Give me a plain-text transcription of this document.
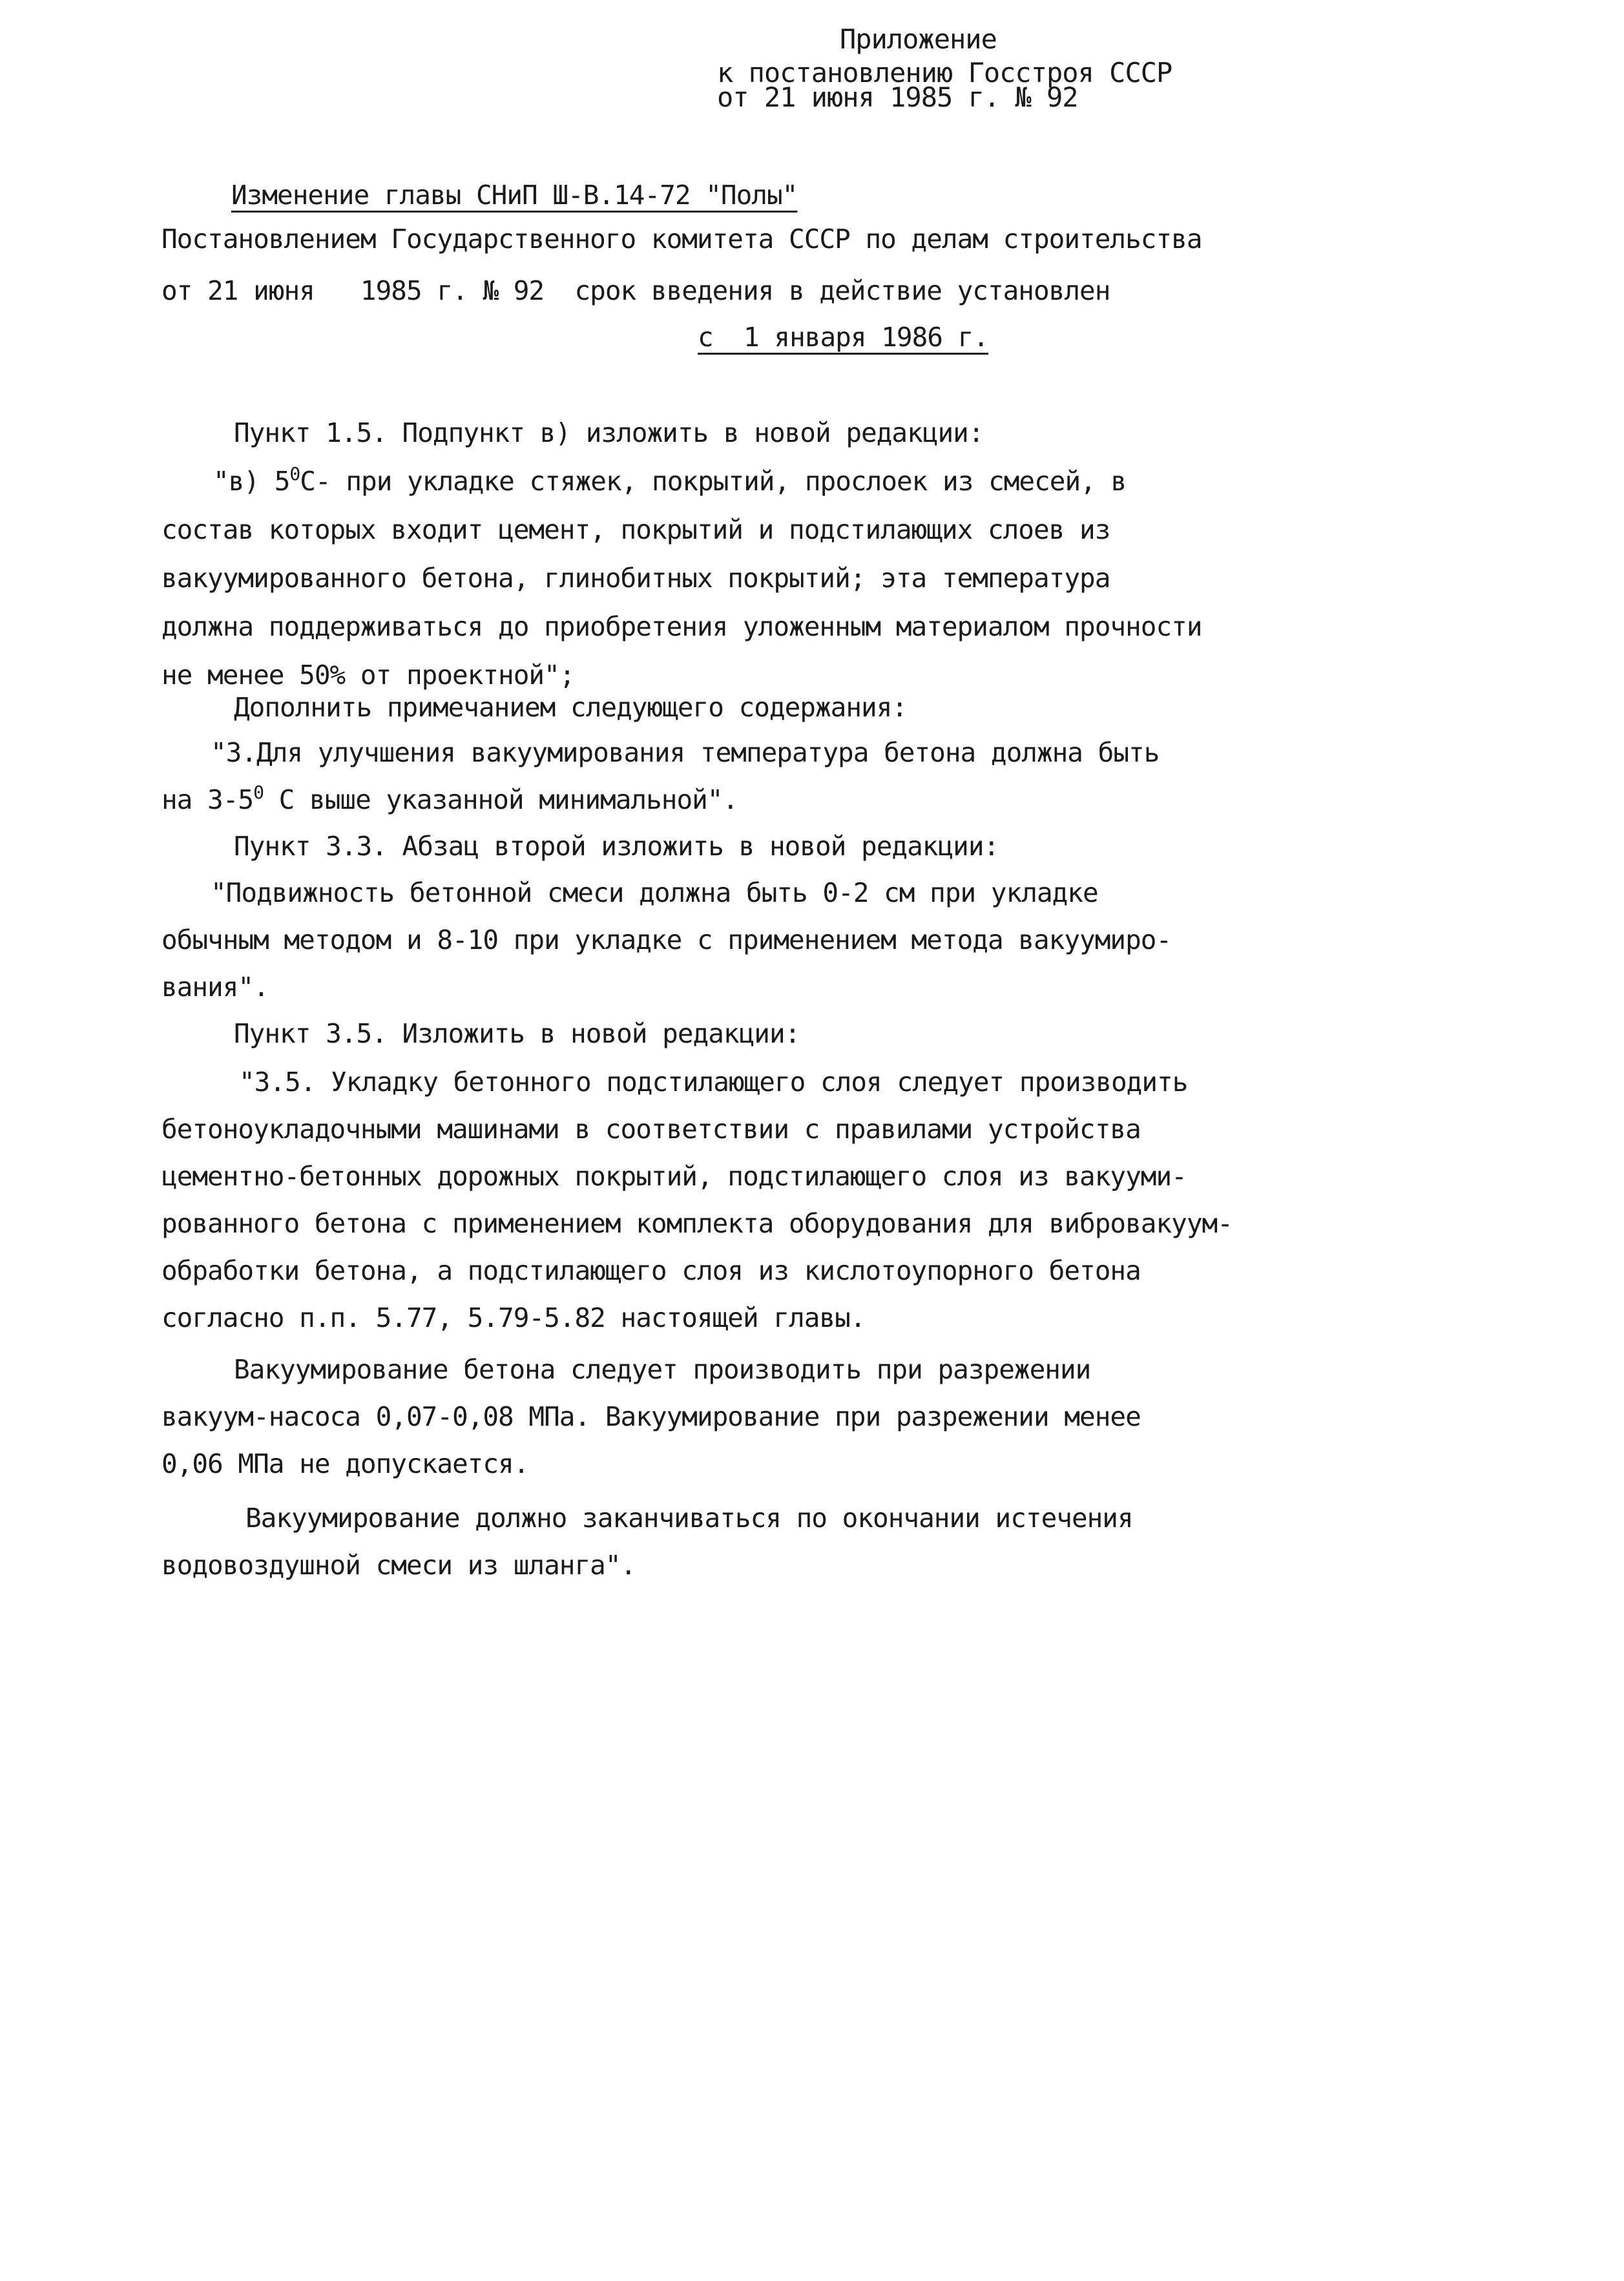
Приложение
к постановлению Госстроя СССР
от 21 июня 1985 г. № 92
Изменение главы СНиП Ш-В.14-72 "Полы"
Постановлением Государственного комитета СССР по делам строительства
от 21 июня   1985 г. № 92  срок введения в действие установлен
с  1 января 1986 г.
Пункт 1.5. Подпункт в) изложить в новой редакции:
"в) $5^0С-$ при укладке стяжек, покрытий, прослоек из смесей, в
состав которых входит цемент, покрытий и подстилающих слоев из
вакуумированного бетона, глинобитных покрытий; эта температура
должна поддерживаться до приобретения уложенным материалом прочности
не менее 50% от проектной";
Дополнить примечанием следующего содержания:
"3.Для улучшения вакуумирования температура бетона должна быть
на $3-5^0$ С выше указанной минимальной".
Пункт 3.3. Абзац второй изложить в новой редакции:
"Подвижность бетонной смеси должна быть 0-2 см при укладке
обычным методом и 8-10 при укладке с применением метода вакуумиро-
вания".
Пункт 3.5. Изложить в новой редакции:
"3.5. Укладку бетонного подстилающего слоя следует производить
бетоноукладочными машинами в соответствии с правилами устройства
цементно-бетонных дорожных покрытий, подстилающего слоя из вакууми-
рованного бетона с применением комплекта оборудования для вибровакуум-
обработки бетона, а подстилающего слоя из кислотоупорного бетона
согласно п.п. 5.77, 5.79-5.82 настоящей главы.
Вакуумирование бетона следует производить при разрежении
вакуум-насоса 0,07-0,08 МПа. Вакуумирование при разрежении менее
0,06 МПа не допускается.
Вакуумирование должно заканчиваться по окончании истечения
водовоздушной смеси из шланга".
